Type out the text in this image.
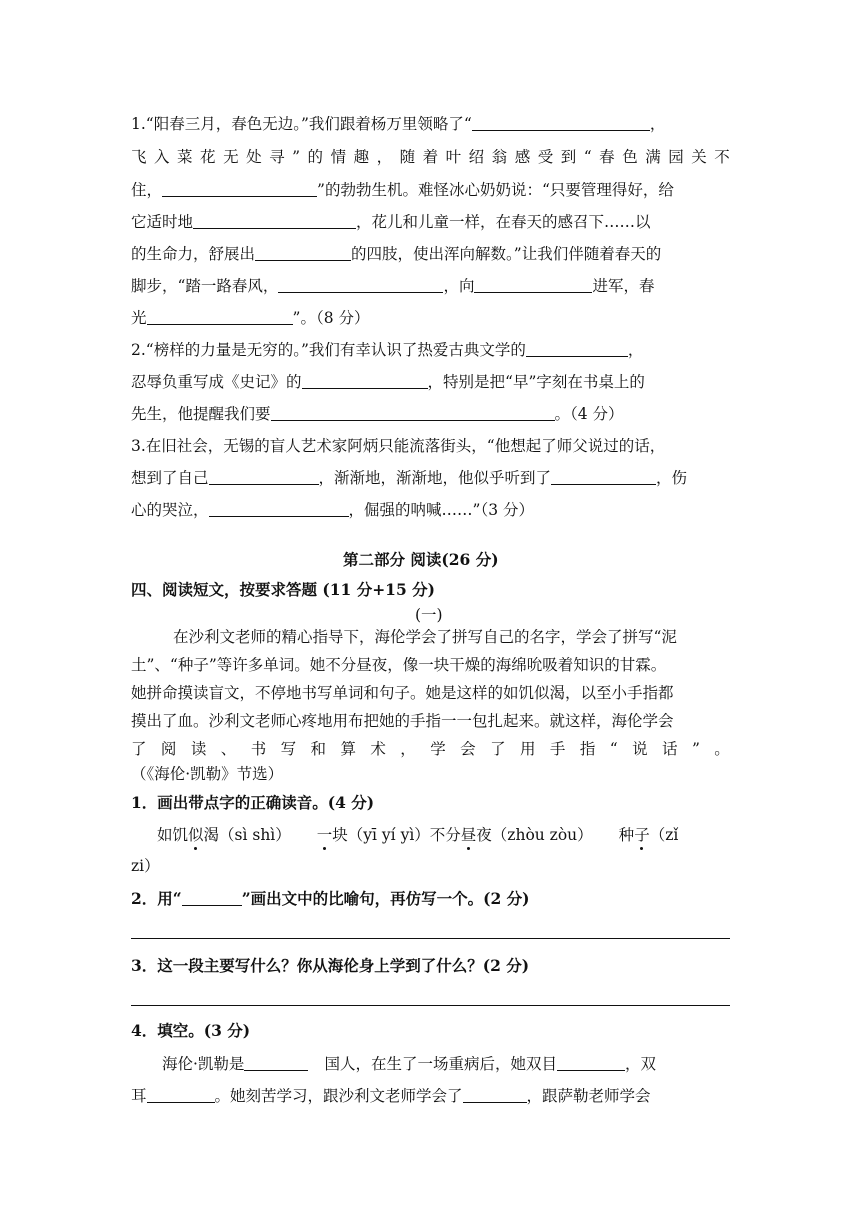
1.“阳春三月，春色无边。”我们跟着杨万里领略了“	，
飞 入 菜 花 无 处 寻 ” 的 情 趣 ， 随 着 叶 绍 翁 感 受 到 “ 春 色 满 园 关 不
住，	”的勃勃生机。难怪冰心奶奶说：“只要管理得好，给
它适时地	，花儿和儿童一样，在春天的感召下……以
的生命力，舒展出	的四肢，使出浑向解数。”让我们伴随着春天的
脚步，“踏一路春风，	，向	进军，春
光	”。（8 分）
2.“榜样的力量是无穷的。”我们有幸认识了热爱古典文学的	，
忍辱负重写成《史记》的	，特别是把“早”字刻在书桌上的
先生，他提醒我们要	。（4 分）
3.在旧社会，无锡的盲人艺术家阿炳只能流落街头，“他想起了师父说过的话，
想到了自己	，渐渐地，渐渐地，他似乎听到了	，伤
心的哭泣，	，倔强的呐喊……”（3 分）
第二部分 阅读(26 分)
四、阅读短文，按要求答题 (11 分+15 分)
(一)
在沙利文老师的精心指导下，海伦学会了拼写自己的名字，学会了拼写“泥
土”、“种子”等许多单词。她不分昼夜，像一块干燥的海绵吮吸着知识的甘霖。
她拼命摸读盲文，不停地书写单词和句子。她是这样的如饥似渴，以至小手指都
摸出了血。沙利文老师心疼地用布把她的手指一一包扎起来。就这样，海伦学会
了 阅 读 、 书 写 和 算 术 ， 学 会 了 用 手 指 “ 说 话 ” 。
（《海伦·凯勒》节选）
1．画出带点字的正确读音。(4 分)
如饥似渴（sì shì） 一块（yī yí yì）不分昼夜（zhòu zòu） 种子（zǐ
zi）
2．用“	”画出文中的比喻句，再仿写一个。(2 分)
3．这一段主要写什么？你从海伦身上学到了什么？(2 分)
4．填空。(3 分)
海伦·凯勒是	国人，在生了一场重病后，她双目	，双
耳	。她刻苦学习，跟沙利文老师学会了	，跟萨勒老师学会
